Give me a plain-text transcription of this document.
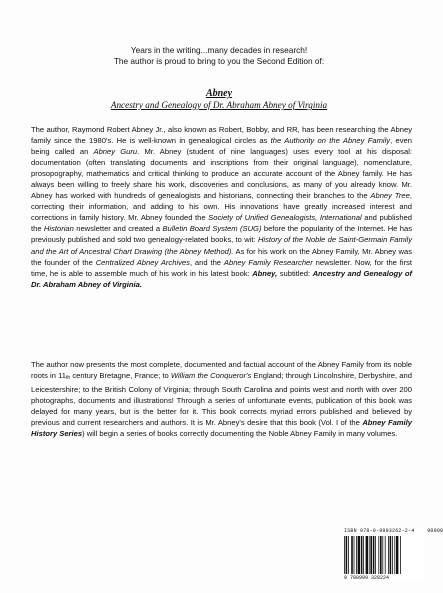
Years in the writing...many decades in research!
The author is proud to bring to you the Second Edition of:
Abney
Ancestry and Genealogy of Dr. Abraham Abney of Virginia

The author, Raymond Robert Abney Jr., also known as Robert, Bobby, and RR, has been researching the Abney family since the 1980's. He is well-known in genealogical circles as the Authority on the Abney Family, even being called an Abney Guru. Mr. Abney (student of nine languages) uses every tool at his disposal: documentation (often translating documents and inscriptions from their original language), nomenclature, prosopography, mathematics and critical thinking to produce an accurate account of the Abney family. He has always been willing to freely share his work, discoveries and conclusions, as many of you already know. Mr. Abney has worked with hundreds of genealogists and historians, connecting their branches to the Abney Tree, correcting their information, and adding to his own. His innovations have greatly increased interest and corrections in family history. Mr. Abney founded the Society of Unified Genealogists, International and published the Historian newsletter and created a Bulletin Board System (SUG) before the popularity of the Internet. He has previously published and sold two genealogy-related books, to wit: History of the Noble de Saint-Germain Family and the Art of Ancestral Chart Drawing (the Abney Method). As for his work on the Abney Family, Mr. Abney was the founder of the Centralized Abney Archives, and the Abney Family Researcher newsletter. Now, for the first time, he is able to assemble much of his work in his latest book: Abney, subtitled: Ancestry and Genealogy of Dr. Abraham Abney of Virginia.

The author now presents the most complete, documented and factual account of the Abney Family from its noble roots in $11_{th}$ century Bretagne, France; to William the Conqueror's England; through Lincolnshire, Derbyshire, and Leicestershire; to the British Colony of Virginia; through South Carolina and points west and north with over 200 photographs, documents and illustrations! Through a series of unfortunate events, publication of this book was delayed for many years, but is the better for it. This book corrects myriad errors published and believed by previous and current researchers and authors. It is Mr. Abney's desire that this book (Vol. I of the Abney Family History Series) will begin a series of books correctly documenting the Noble Abney Family in many volumes.

ISBN 978-0-9993262-2-4	90000
9 780999 328224
